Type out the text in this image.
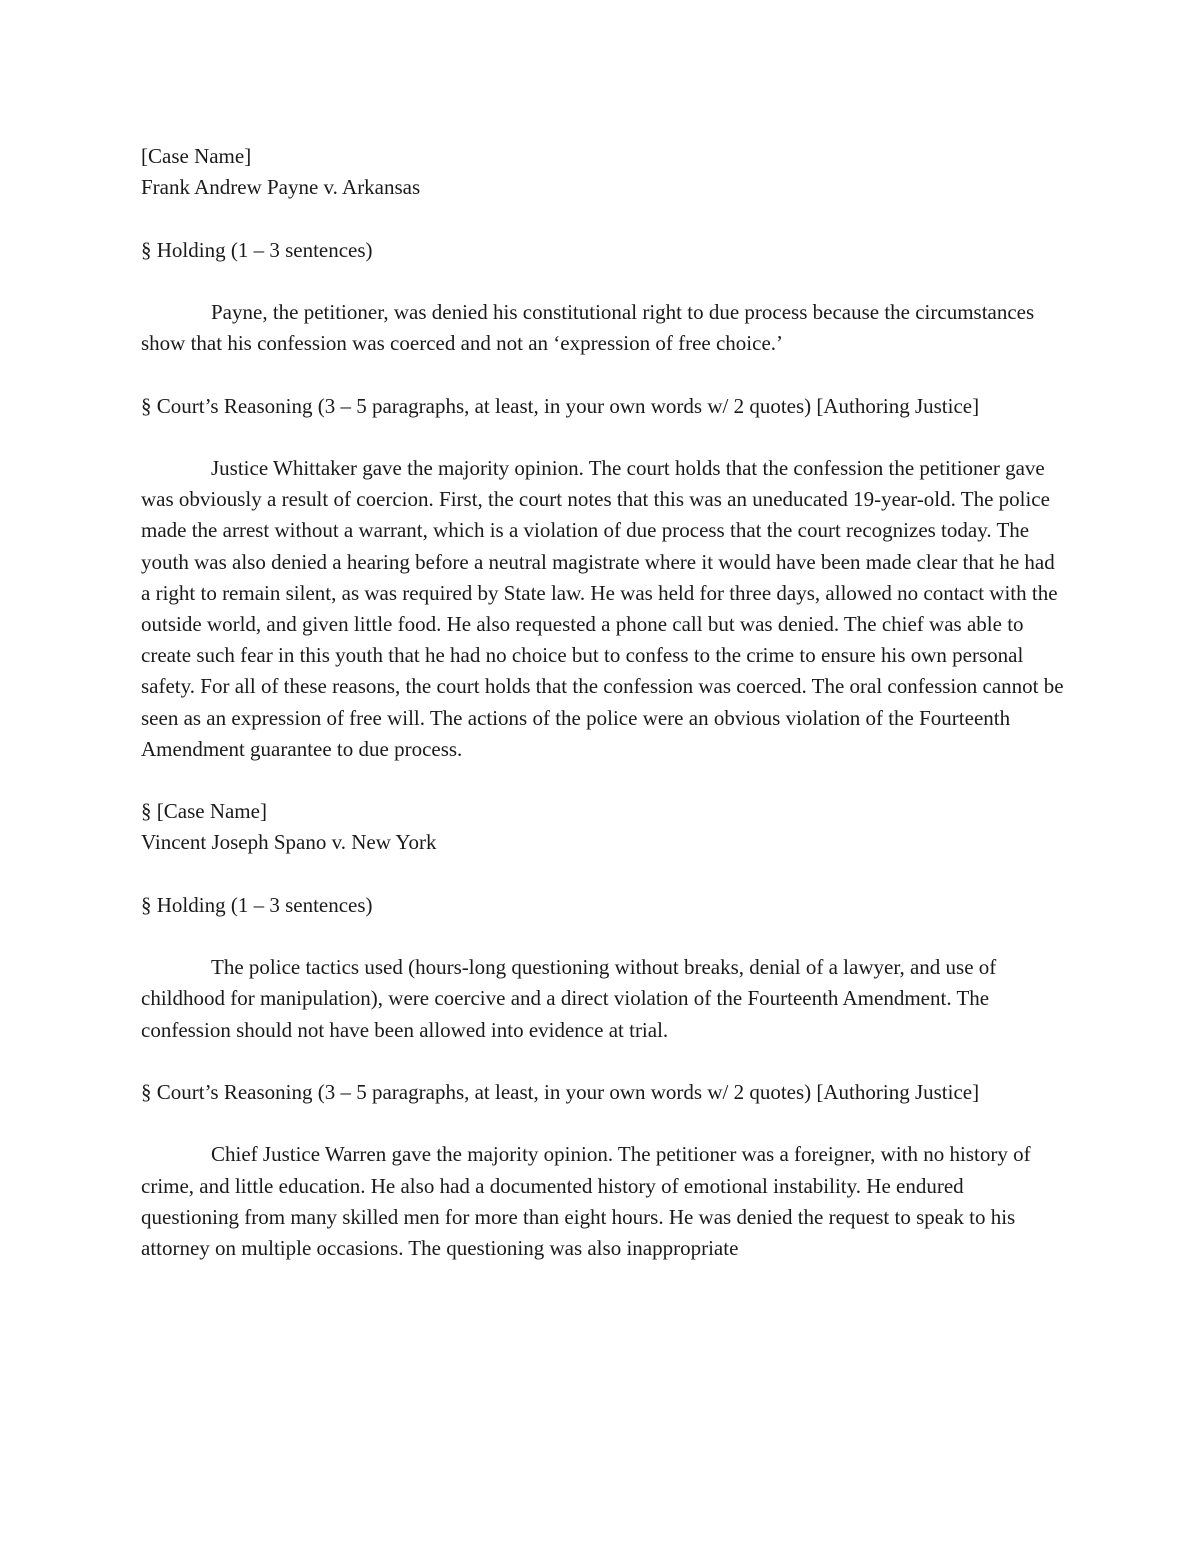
[Case Name]

Frank Andrew Payne v. Arkansas

§ Holding (1 – 3 sentences)

Payne, the petitioner, was denied his constitutional right to due process because the circumstances show that his confession was coerced and not an ‘expression of free choice.’

§ Court’s Reasoning (3 – 5 paragraphs, at least, in your own words w/ 2 quotes) [Authoring Justice]

Justice Whittaker gave the majority opinion. The court holds that the confession the petitioner gave was obviously a result of coercion. First, the court notes that this was an uneducated 19-year-old. The police made the arrest without a warrant, which is a violation of due process that the court recognizes today. The youth was also denied a hearing before a neutral magistrate where it would have been made clear that he had a right to remain silent, as was required by State law. He was held for three days, allowed no contact with the outside world, and given little food. He also requested a phone call but was denied. The chief was able to create such fear in this youth that he had no choice but to confess to the crime to ensure his own personal safety. For all of these reasons, the court holds that the confession was coerced. The oral confession cannot be seen as an expression of free will. The actions of the police were an obvious violation of the Fourteenth Amendment guarantee to due process.

§ [Case Name]

Vincent Joseph Spano v. New York

§ Holding (1 – 3 sentences)

The police tactics used (hours-long questioning without breaks, denial of a lawyer, and use of childhood for manipulation), were coercive and a direct violation of the Fourteenth Amendment. The confession should not have been allowed into evidence at trial.

§ Court’s Reasoning (3 – 5 paragraphs, at least, in your own words w/ 2 quotes) [Authoring Justice]

Chief Justice Warren gave the majority opinion. The petitioner was a foreigner, with no history of crime, and little education. He also had a documented history of emotional instability. He endured questioning from many skilled men for more than eight hours. He was denied the request to speak to his attorney on multiple occasions. The questioning was also inappropriate
